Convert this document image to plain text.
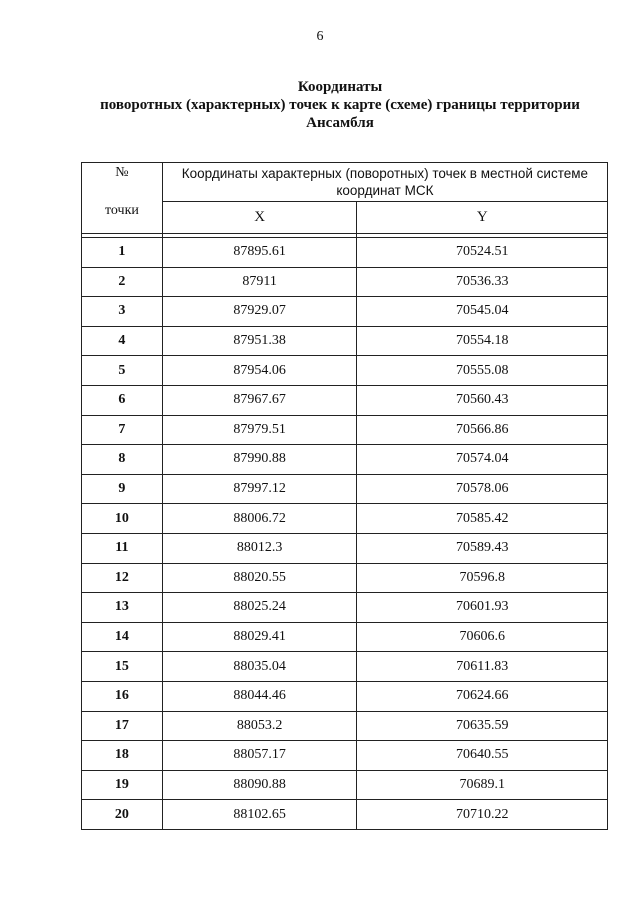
6
Координаты
поворотных (характерных) точек к карте (схеме) границы территории
Ансамбля
№
точки	Координаты характерных (поворотных) точек в местной системе координат МСК	
	X	Y

1	87895.61	70524.51
2	87911	70536.33
3	87929.07	70545.04
4	87951.38	70554.18
5	87954.06	70555.08
6	87967.67	70560.43
7	87979.51	70566.86
8	87990.88	70574.04
9	87997.12	70578.06
10	88006.72	70585.42
11	88012.3	70589.43
12	88020.55	70596.8
13	88025.24	70601.93
14	88029.41	70606.6
15	88035.04	70611.83
16	88044.46	70624.66
17	88053.2	70635.59
18	88057.17	70640.55
19	88090.88	70689.1
20	88102.65	70710.22
